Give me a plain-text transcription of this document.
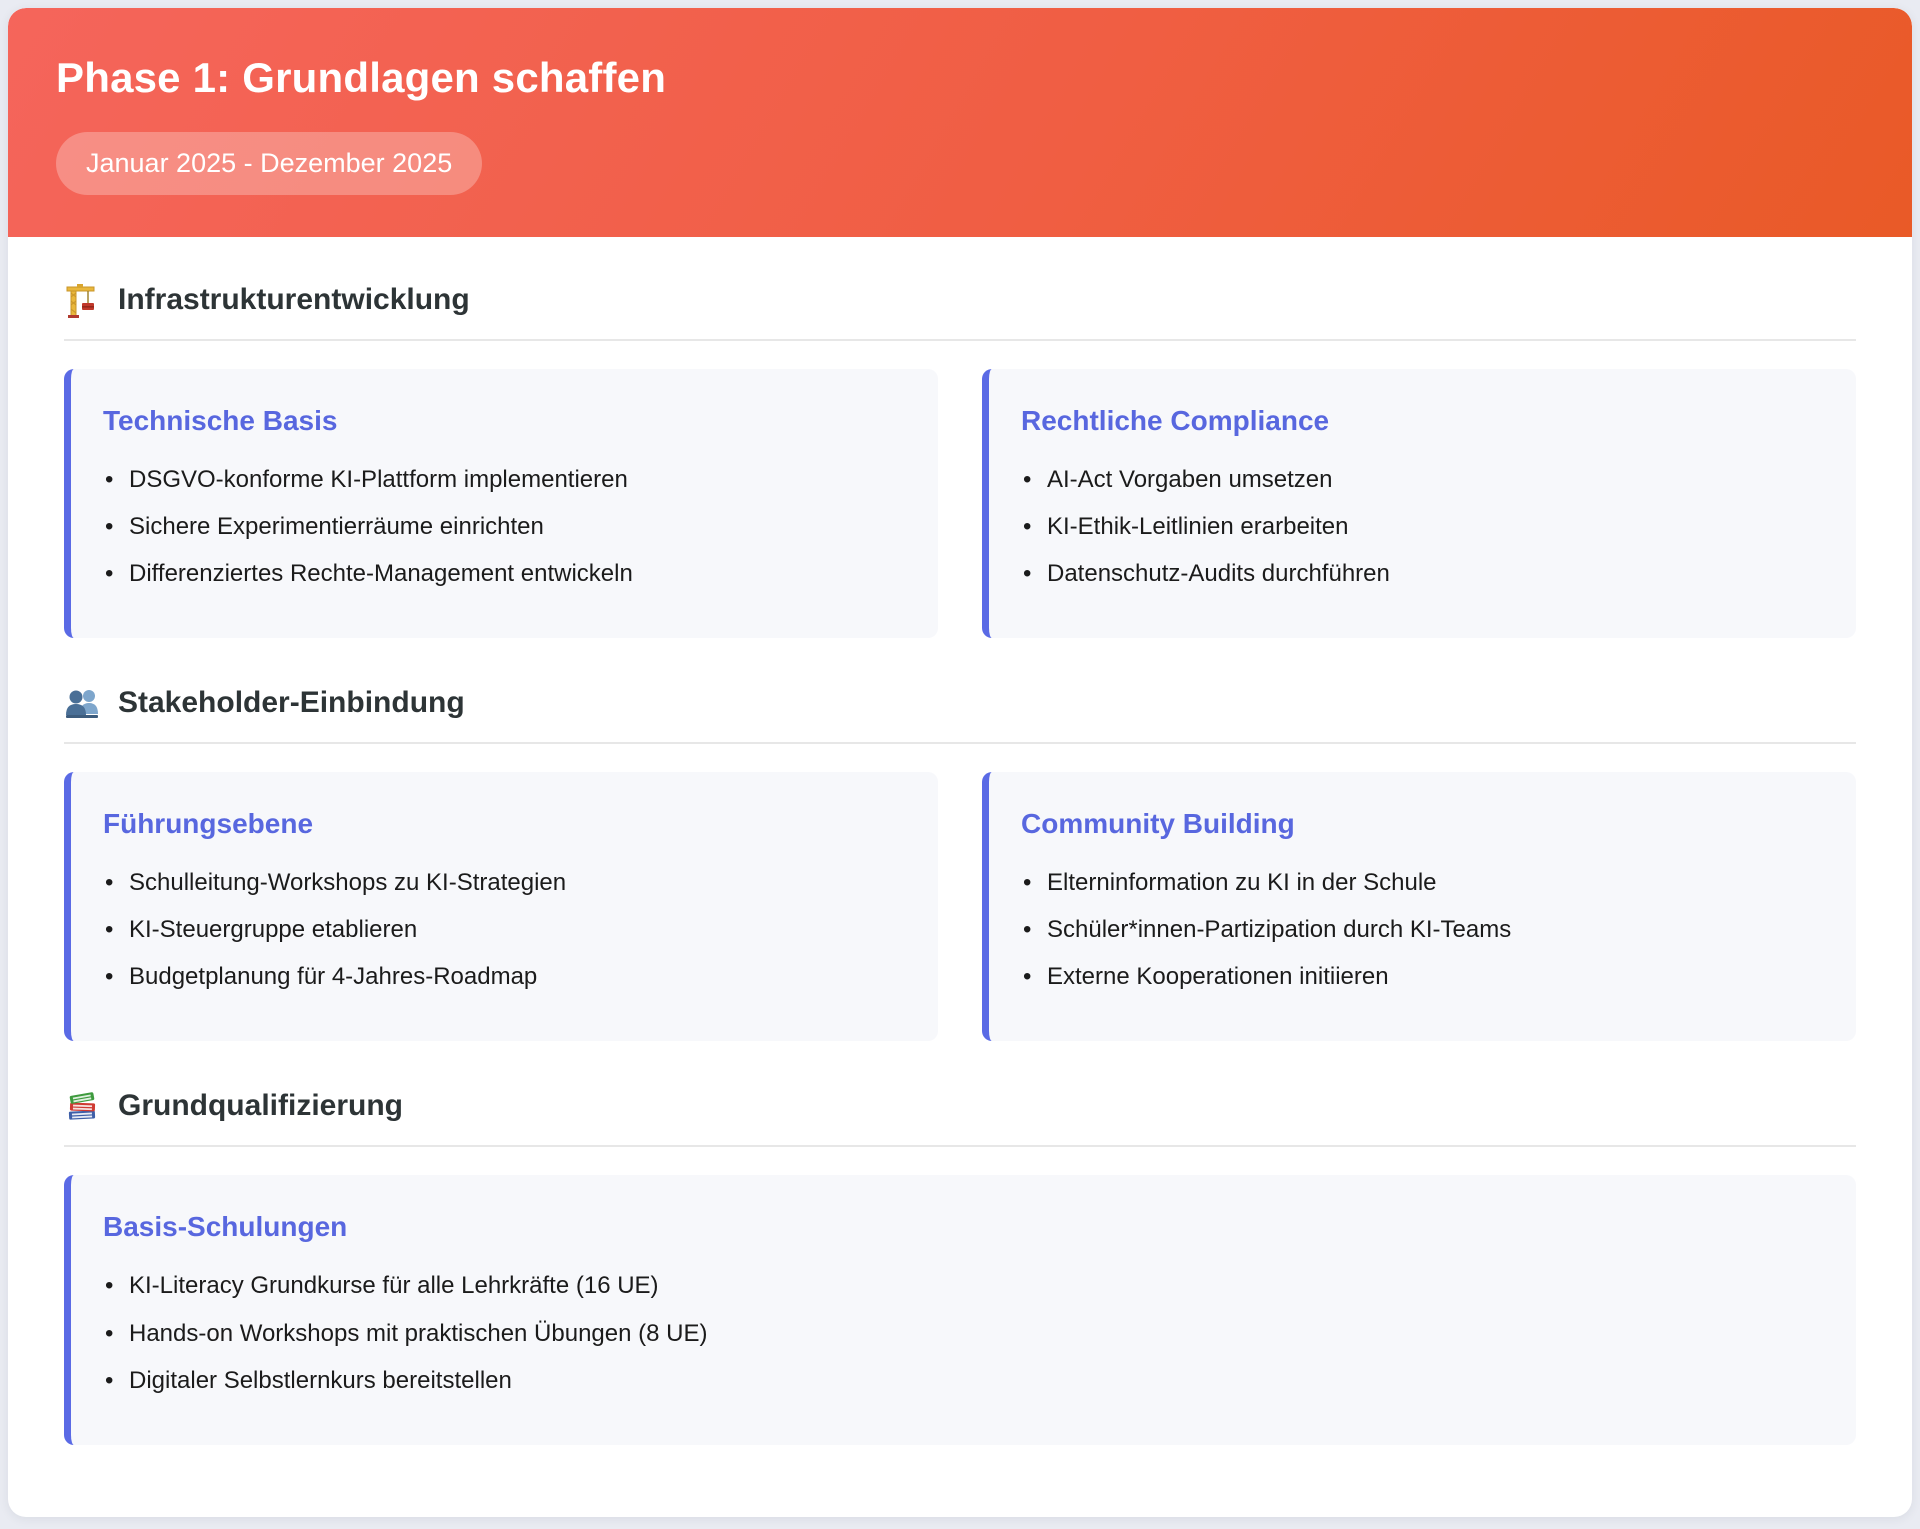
Phase 1: Grundlagen schaffen
Januar 2025 - Dezember 2025
Infrastrukturentwicklung
Technische Basis
• DSGVO-konforme KI-Plattform implementieren
• Sichere Experimentierräume einrichten
• Differenziertes Rechte-Management entwickeln
Rechtliche Compliance
• AI-Act Vorgaben umsetzen
• KI-Ethik-Leitlinien erarbeiten
• Datenschutz-Audits durchführen
Stakeholder-Einbindung
Führungsebene
• Schulleitung-Workshops zu KI-Strategien
• KI-Steuergruppe etablieren
• Budgetplanung für 4-Jahres-Roadmap
Community Building
• Elterninformation zu KI in der Schule
• Schüler*innen-Partizipation durch KI-Teams
• Externe Kooperationen initiieren
Grundqualifizierung
Basis-Schulungen
• KI-Literacy Grundkurse für alle Lehrkräfte (16 UE)
• Hands-on Workshops mit praktischen Übungen (8 UE)
• Digitaler Selbstlernkurs bereitstellen
